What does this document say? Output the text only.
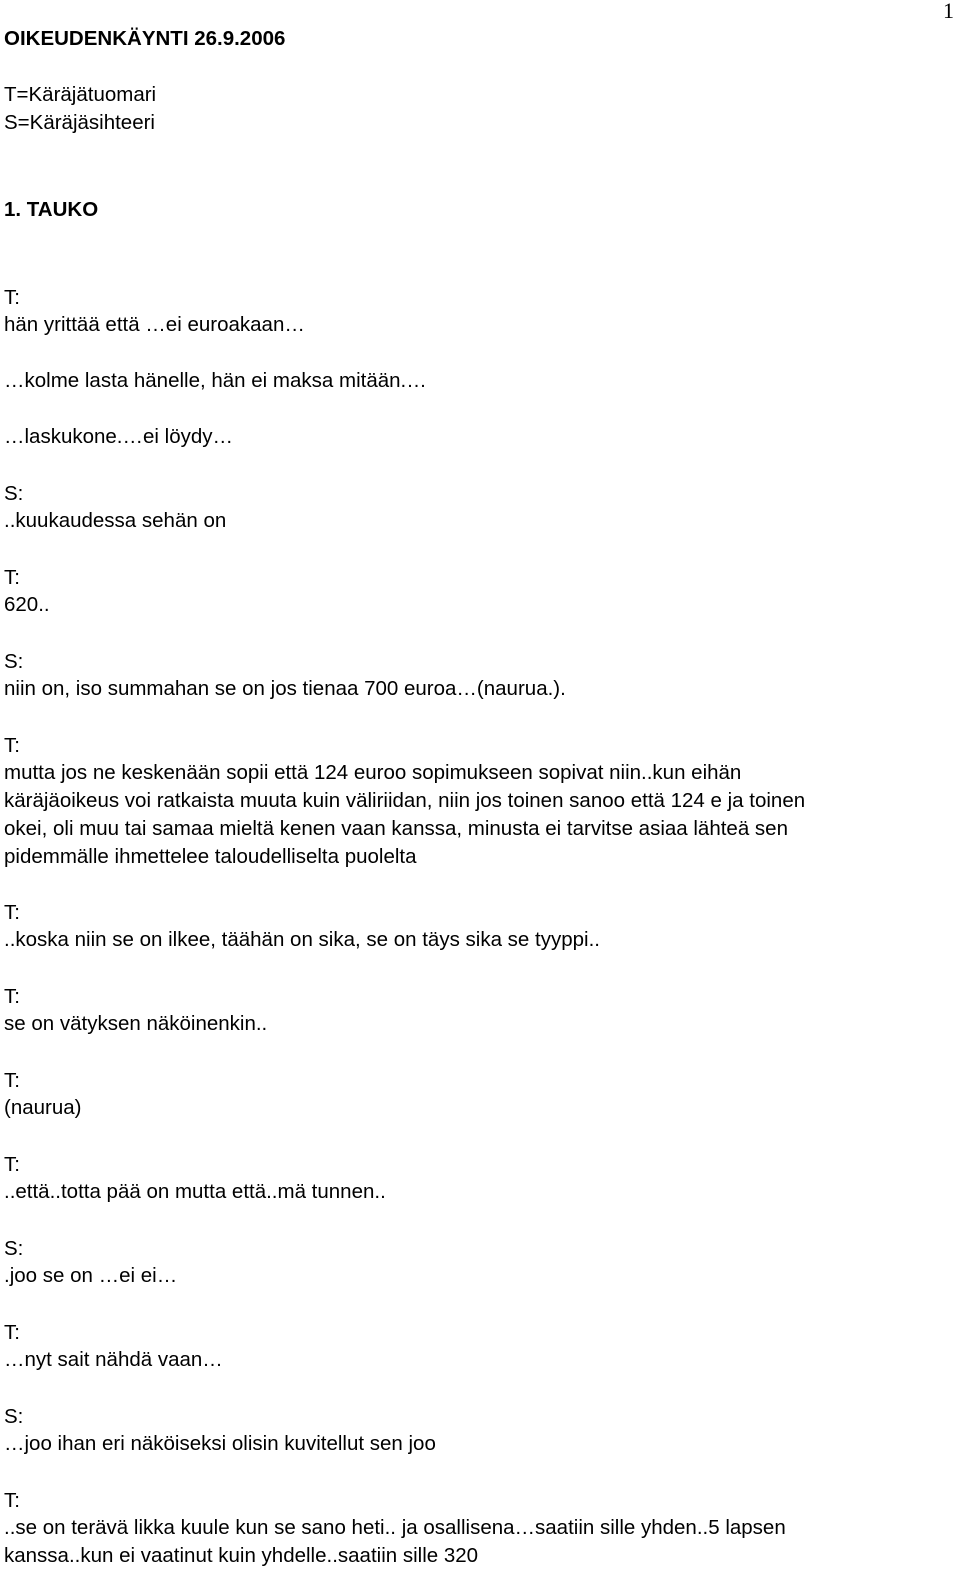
1
OIKEUDENKÄYNTI 26.9.2006
T=Käräjätuomari
S=Käräjäsihteeri
1. TAUKO
T:
hän yrittää että …ei euroakaan…
…kolme lasta hänelle, hän ei maksa mitään.…
…laskukone.…ei löydy…
S:
..kuukaudessa sehän on
T:
620..
S:
niin on, iso summahan se on jos tienaa 700 euroa…(naurua.).
T:

mutta jos ne keskenään sopii että 124 euroo sopimukseen sopivat niin..kun eihän

käräjäoikeus voi ratkaista muuta kuin väliriidan, niin jos toinen sanoo että 124 e ja toinen

okei, oli muu tai samaa mieltä kenen vaan kanssa, minusta ei tarvitse asiaa lähteä sen

pidemmälle ihmettelee taloudelliselta puolelta

T:
..koska niin se on ilkee, täähän on sika, se on täys sika se tyyppi..
T:
se on vätyksen näköinenkin..
T:
(naurua)
T:
..että..totta pää on mutta että..mä tunnen..
S:
.joo se on …ei ei…
T:
…nyt sait nähdä vaan…
S:
…joo ihan eri näköiseksi olisin kuvitellut sen joo
T:

..se on terävä likka kuule kun se sano heti.. ja osallisena…saatiin sille yhden..5 lapsen

kanssa..kun ei vaatinut kuin yhdelle..saatiin sille 320
